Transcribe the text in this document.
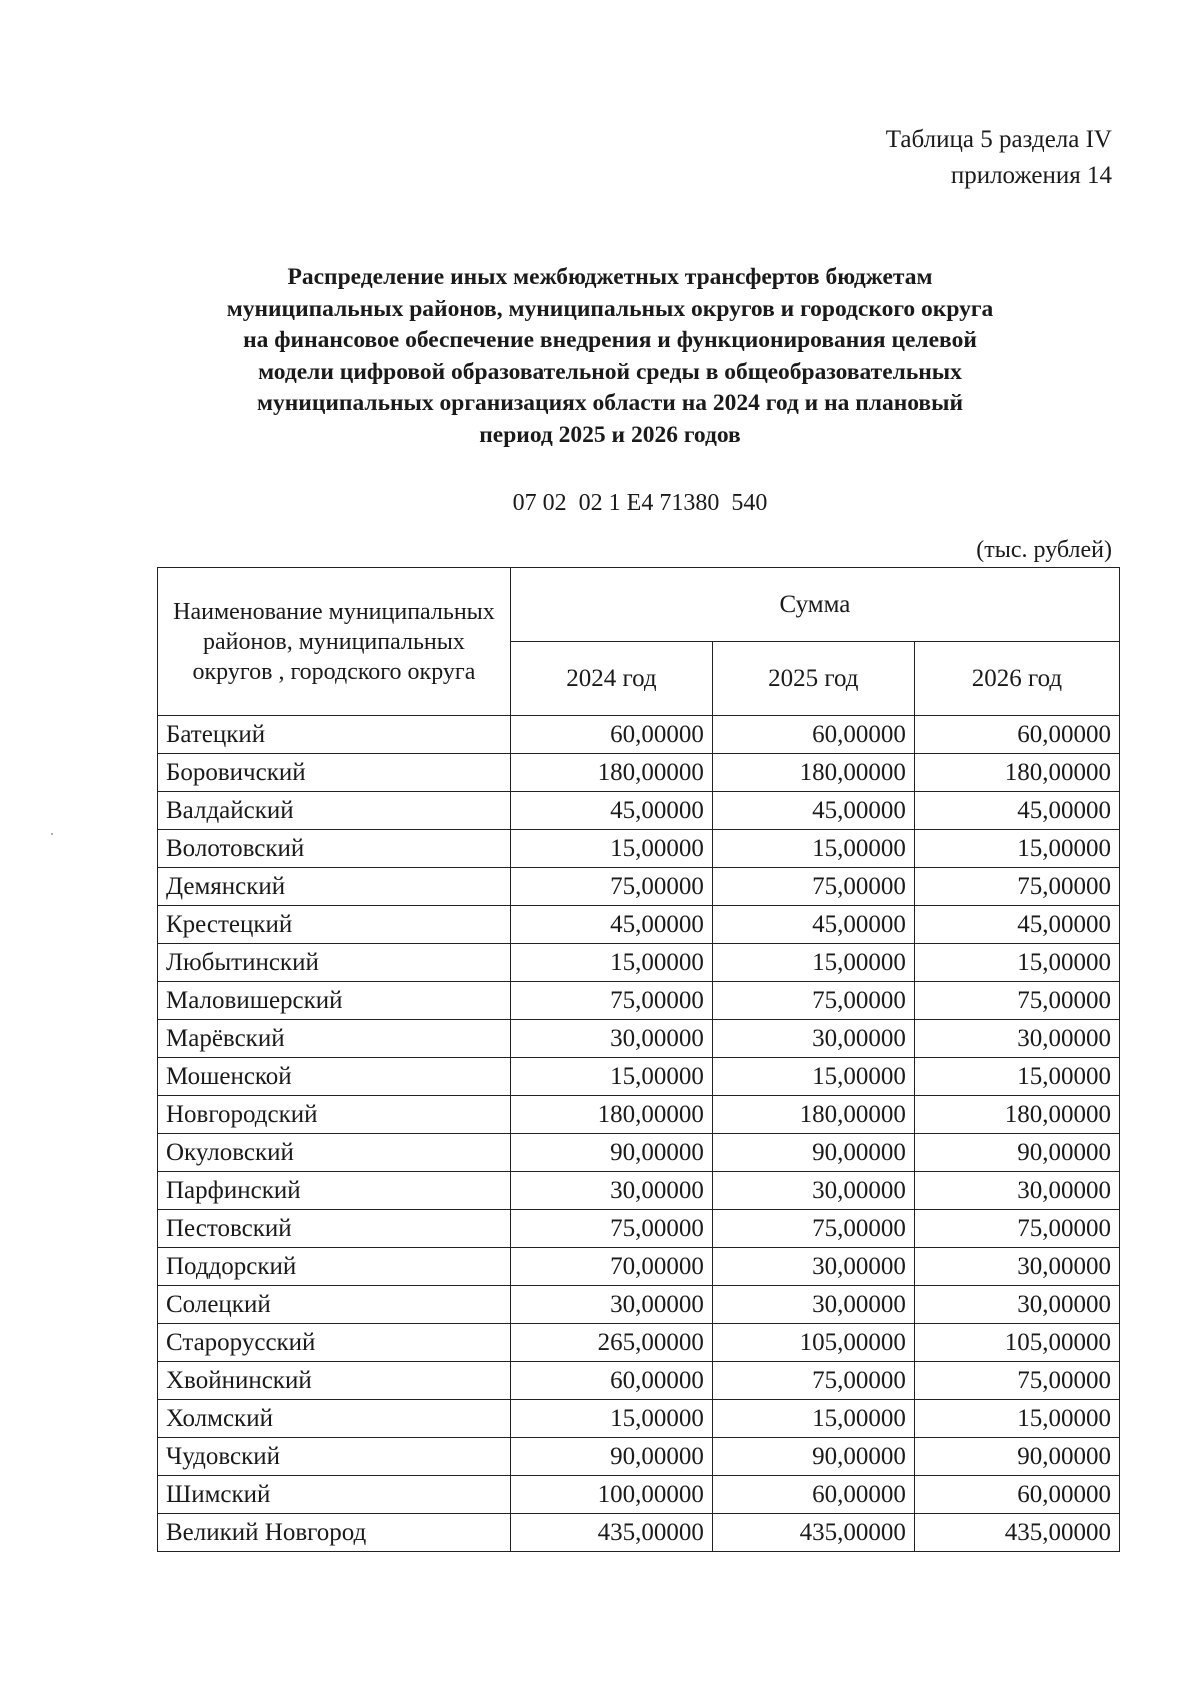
Таблица 5 раздела IV
приложения 14
Распределение иных межбюджетных трансфертов бюджетам
муниципальных районов, муниципальных округов и городского округа
на финансовое обеспечение внедрения и функционирования целевой
модели цифровой образовательной среды в общеобразовательных
муниципальных организациях области на 2024 год и на плановый
период 2025 и 2026 годов
07 02  02 1 E4 71380  540
(тыс. рублей)
Наименование муниципальных районов, муниципальных округов , городского округа	Сумма		
	2024 год	2025 год	2026 год
Батецкий	60,00000	60,00000	60,00000
Боровичский	180,00000	180,00000	180,00000
Валдайский	45,00000	45,00000	45,00000
Волотовский	15,00000	15,00000	15,00000
Демянский	75,00000	75,00000	75,00000
Крестецкий	45,00000	45,00000	45,00000
Любытинский	15,00000	15,00000	15,00000
Маловишерский	75,00000	75,00000	75,00000
Марёвский	30,00000	30,00000	30,00000
Мошенской	15,00000	15,00000	15,00000
Новгородский	180,00000	180,00000	180,00000
Окуловский	90,00000	90,00000	90,00000
Парфинский	30,00000	30,00000	30,00000
Пестовский	75,00000	75,00000	75,00000
Поддорский	70,00000	30,00000	30,00000
Солецкий	30,00000	30,00000	30,00000
Старорусский	265,00000	105,00000	105,00000
Хвойнинский	60,00000	75,00000	75,00000
Холмский	15,00000	15,00000	15,00000
Чудовский	90,00000	90,00000	90,00000
Шимский	100,00000	60,00000	60,00000
Великий Новгород	435,00000	435,00000	435,00000
